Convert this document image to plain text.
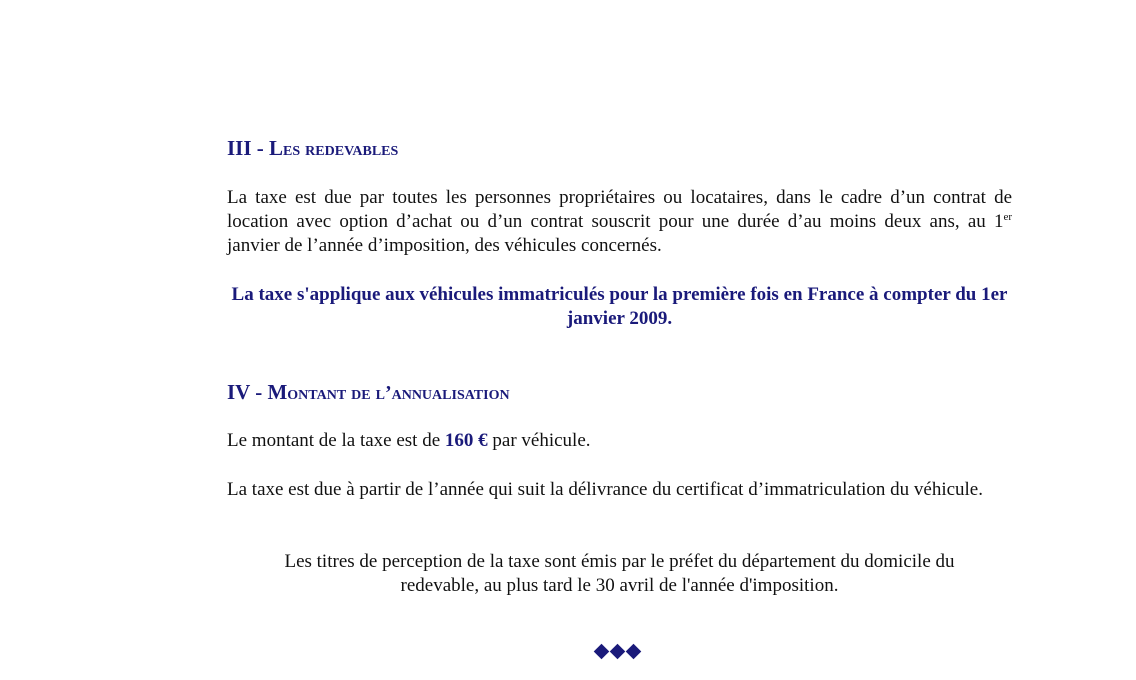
III - Les redevables
La taxe est due par toutes les personnes propriétaires ou locataires, dans le cadre d’un contrat de location avec option d’achat ou d’un contrat souscrit pour une durée d’au moins deux ans, au 1er janvier de l’année d’imposition, des véhicules concernés.
La taxe s'applique aux véhicules immatriculés pour la première fois en France à compter du 1er janvier 2009.
IV - Montant de l’annualisation
Le montant de la taxe est de 160 € par véhicule.
La taxe est due à partir de l’année qui suit la délivrance du certificat d’immatriculation du véhicule.
Les titres de perception de la taxe sont émis par le préfet du département du domicile du redevable, au plus tard le 30 avril de l'année d'imposition.
